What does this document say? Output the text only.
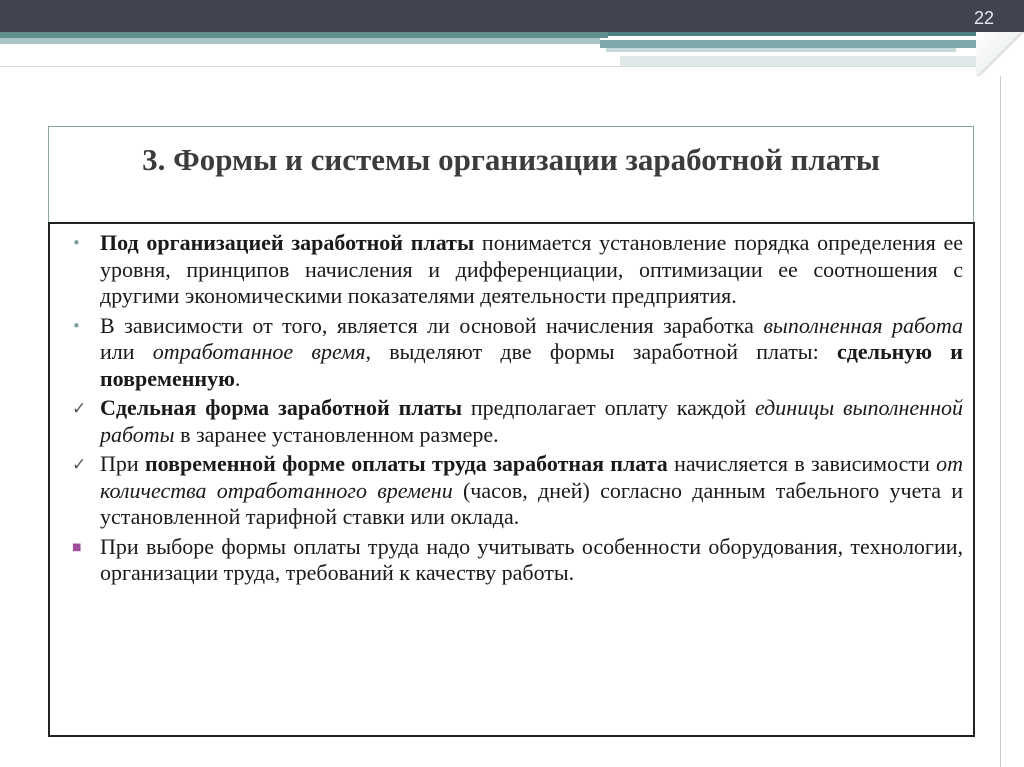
22
3. Формы и системы организации заработной платы
• Под организацией заработной платы понимается установление порядка определения ее уровня, принципов начисления и дифференциации, оптимизации ее соотношения с другими экономическими показателями деятельности предприятия.
• В зависимости от того, является ли основой начисления заработка выполненная работа или отработанное время, выделяют две формы заработной платы: сдельную и повременную.
✓ Сдельная форма заработной платы предполагает оплату каждой единицы выполненной работы в заранее установленном размере.
✓ При повременной форме оплаты труда заработная плата начисляется в зависимости от количества отработанного времени (часов, дней) согласно данным табельного учета и установленной тарифной ставки или оклада.
■ При выборе формы оплаты труда надо учитывать особенности оборудования, технологии, организации труда, требований к качеству работы.
